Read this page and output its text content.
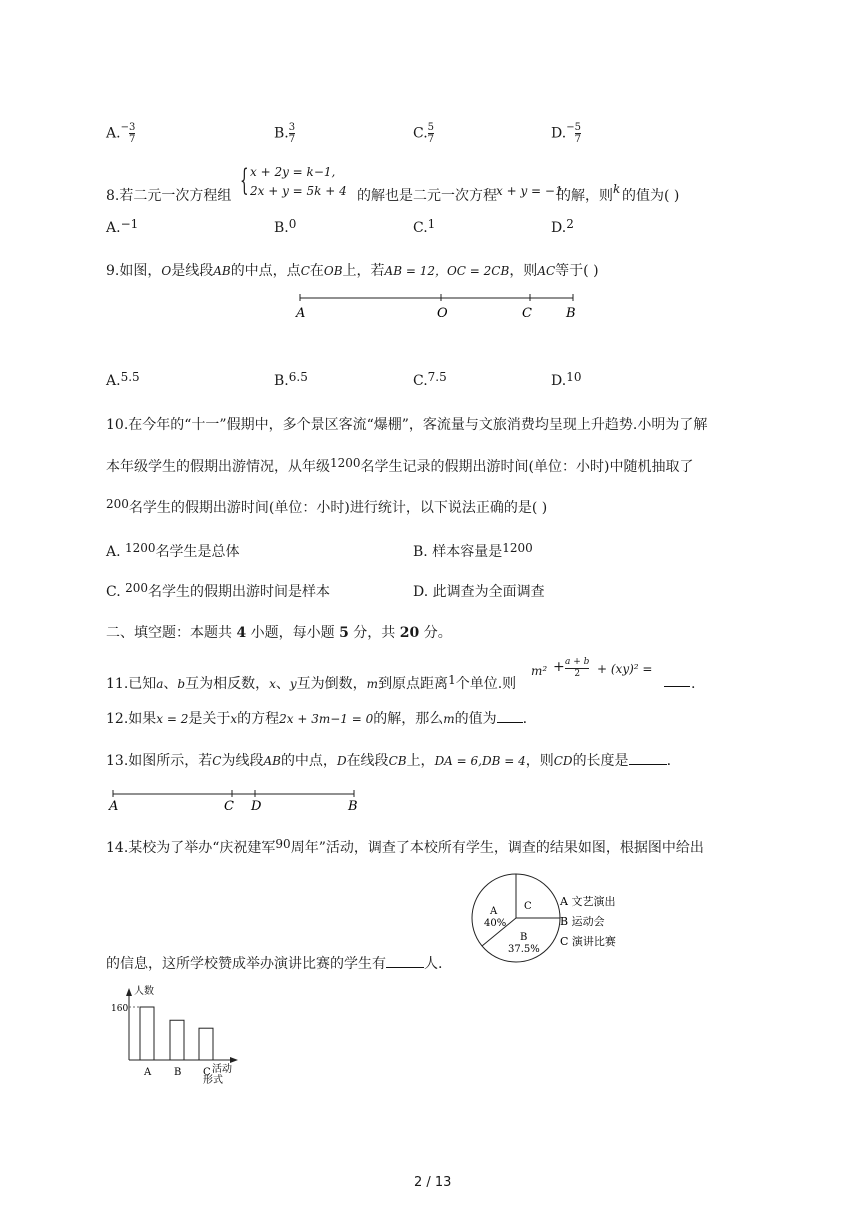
$A.^- \frac{3}{7}$	B. $\frac{3}{7}$	C. $\frac{5}{7}$	$D.^- \frac{5}{7}$
8.若二元一次方程组 { x + 2y = k−1,
2x + y = 5k + 4 的解也是二元一次方程 x + y = −1
的解，则 k 的值为( )
A.−1	B.0	C.1	D.2
9.如图，O是线段AB的中点，点C在OB上，若AB = 12，OC = 2CB，则AC等于( )
A	O	C	B
A.5.5	B.6.5	C.7.5	D.10
10.在今年的“十一”假期中，多个景区客流“爆棚”，客流量与文旅消费均呈现上升趋势.小明为了解
本年级学生的假期出游情况，从年级1200名学生记录的假期出游时间(单位：小时)中随机抽取了
200名学生的假期出游时间(单位：小时)进行统计，以下说法正确的是( )
A. 1200名学生是总体	B. 样本容量是1200
C. 200名学生的假期出游时间是样本	D. 此调查为全面调查
二、填空题：本题共 4 小题，每小题 5 分，共 20 分。
11.已知a、b互为相反数，x、y互为倒数，m到原点距离1个单位.则
m² + a + b
2	+ (xy)² =
.
12.如果x = 2是关于x的方程2x + 3m−1 = 0的解，那么m的值为 .
13.如图所示，若C为线段AB的中点，D在线段CB上，DA = 6,DB = 4，则CD的长度是	.
A	C D	B
14.某校为了举办“庆祝建军90周年”活动，调查了本校所有学生，调查的结果如图，根据图中给出
的信息，这所学校赞成举办演讲比赛的学生有	人.
A
40%
C
B
37.5%
A 文艺演出
B 运动会
C 演讲比赛
人数
160
A B C 活动
形式
2 / 13
